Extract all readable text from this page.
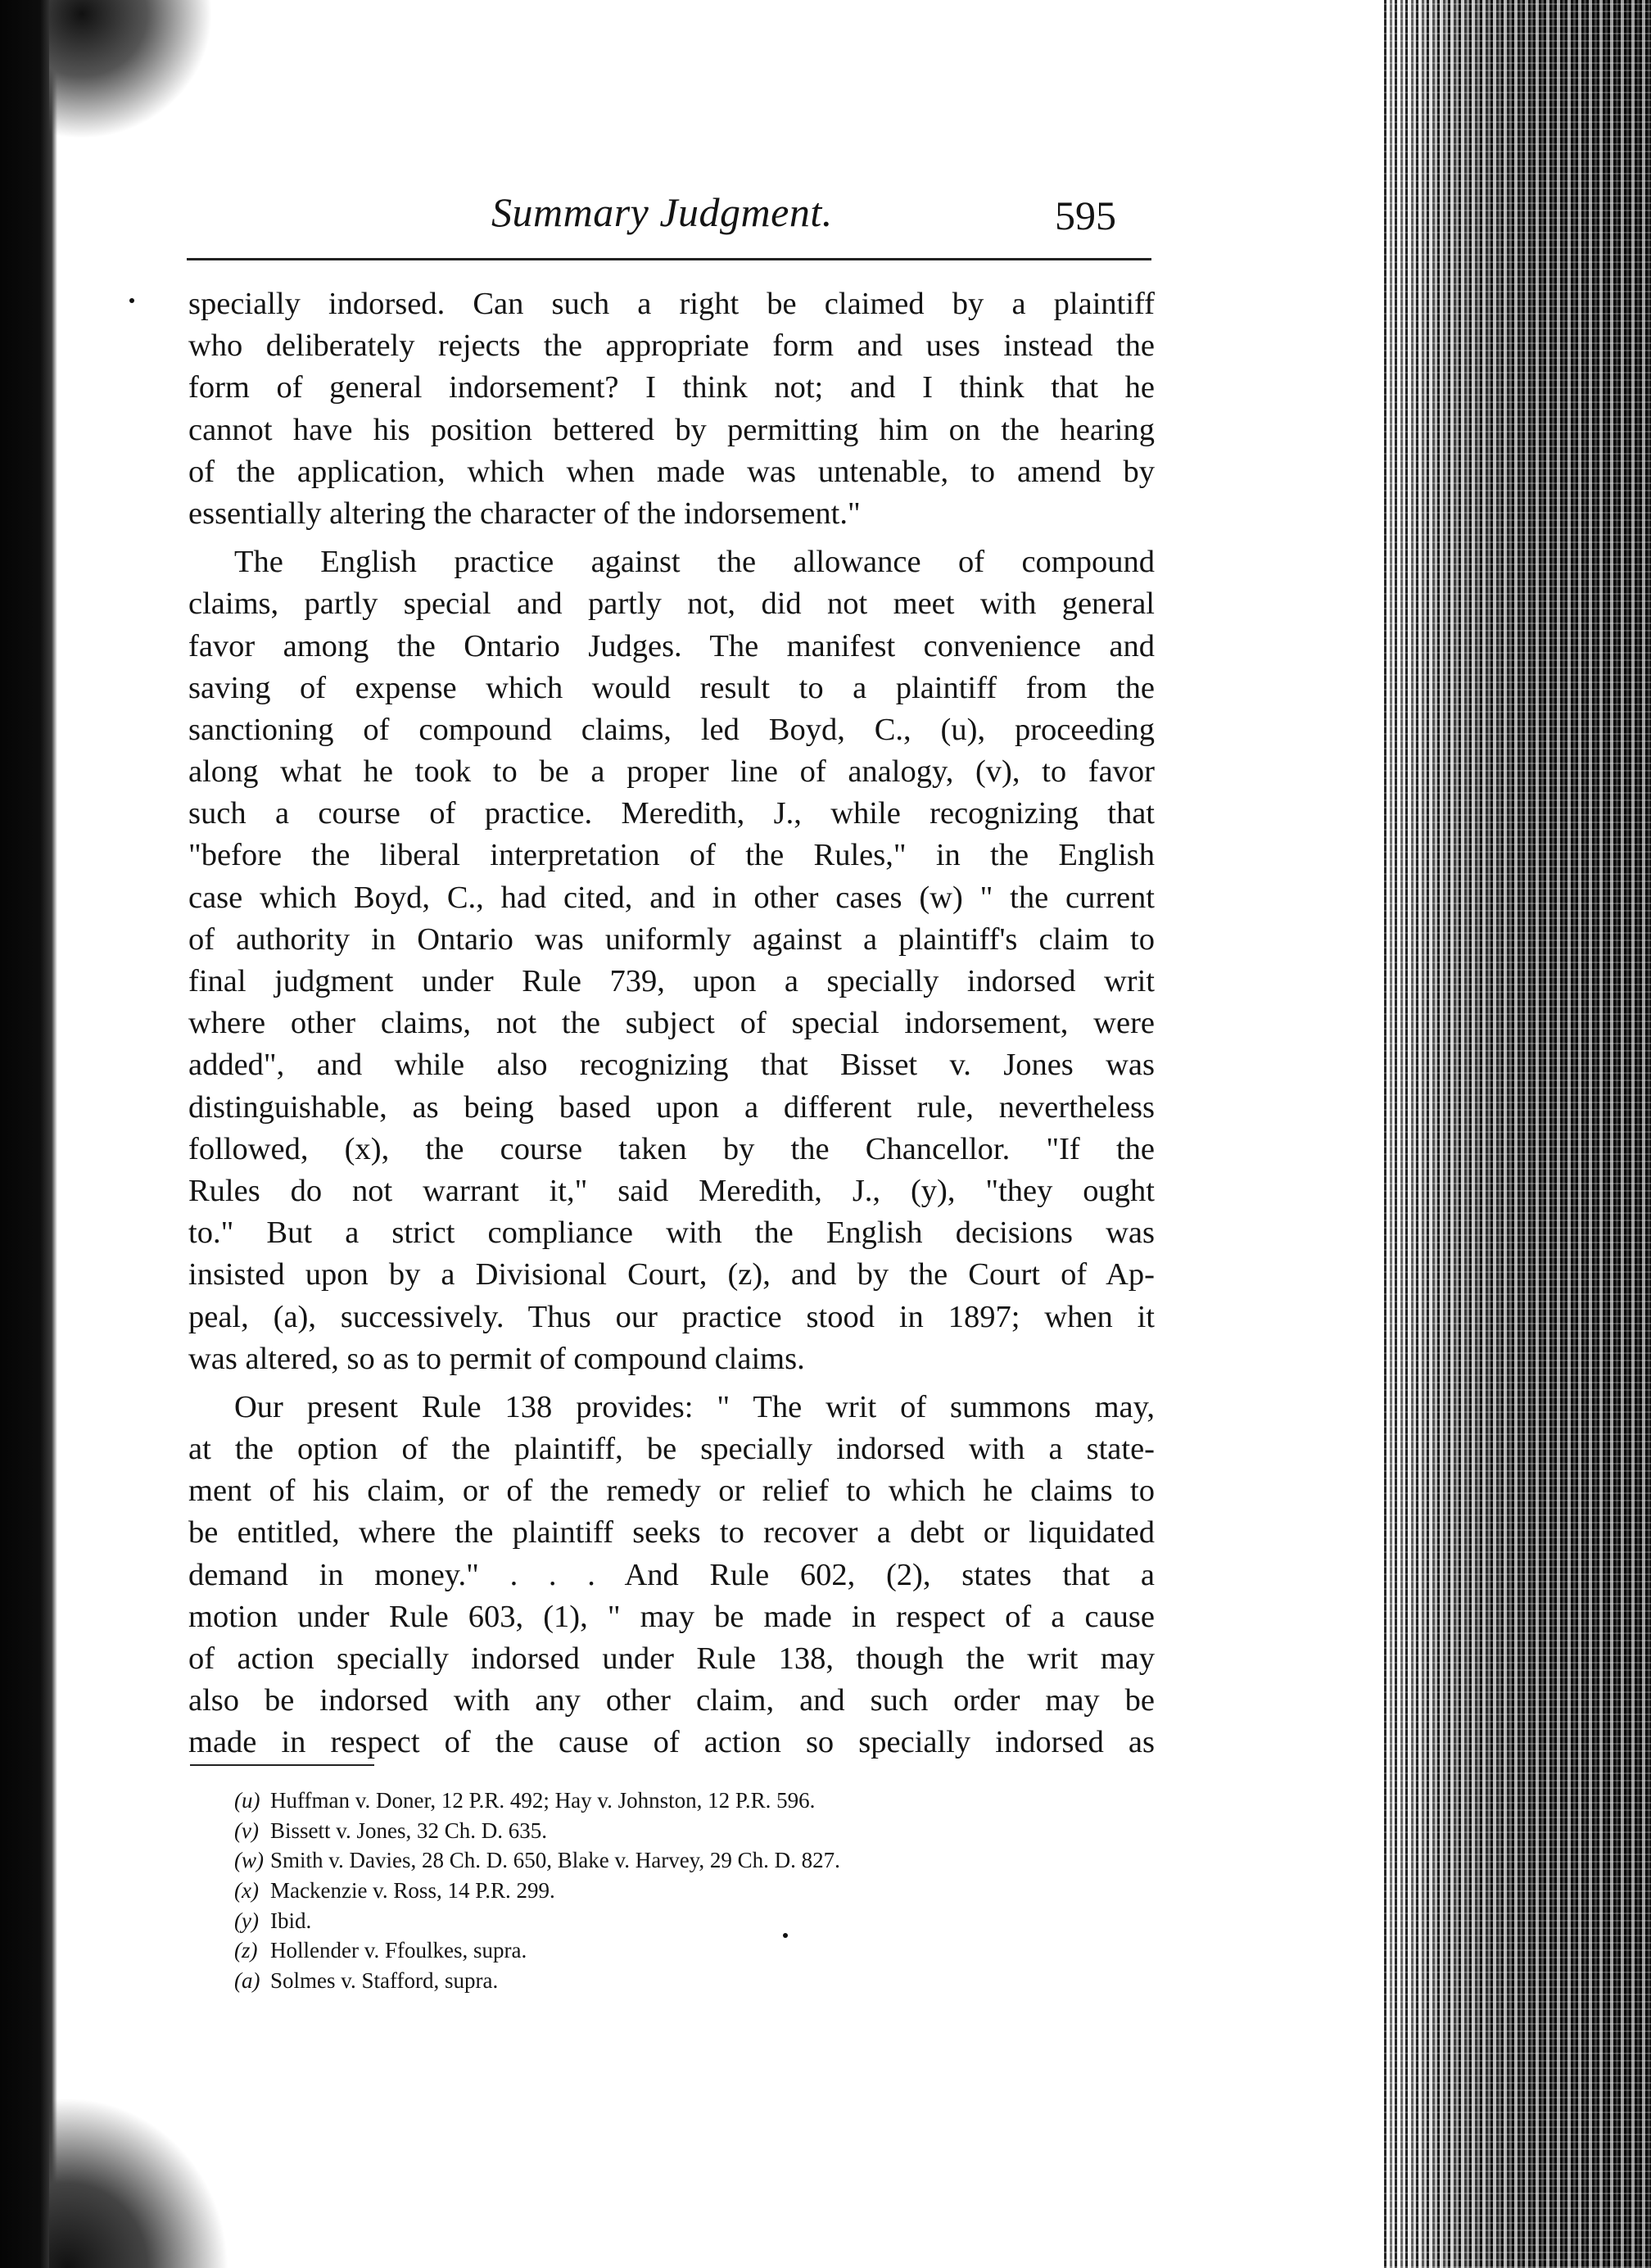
Summary Judgment.	595
specially indorsed. Can such a right be claimed by a plaintiff
who deliberately rejects the appropriate form and uses instead the
form of general indorsement? I think not; and I think that he
cannot have his position bettered by permitting him on the hearing
of the application, which when made was untenable, to amend by
essentially altering the character of the indorsement."
The English practice against the allowance of compound
claims, partly special and partly not, did not meet with general
favor among the Ontario Judges. The manifest convenience and
saving of expense which would result to a plaintiff from the
sanctioning of compound claims, led Boyd, C., (u), proceeding
along what he took to be a proper line of analogy, (v), to favor
such a course of practice. Meredith, J., while recognizing that
"before the liberal interpretation of the Rules," in the English
case which Boyd, C., had cited, and in other cases (w) " the current
of authority in Ontario was uniformly against a plaintiff's claim to
final judgment under Rule 739, upon a specially indorsed writ
where other claims, not the subject of special indorsement, were
added", and while also recognizing that Bisset v. Jones was
distinguishable, as being based upon a different rule, nevertheless
followed, (x), the course taken by the Chancellor. "If the
Rules do not warrant it," said Meredith, J., (y), "they ought
to." But a strict compliance with the English decisions was
insisted upon by a Divisional Court, (z), and by the Court of Ap-
peal, (a), successively. Thus our practice stood in 1897; when it
was altered, so as to permit of compound claims.
Our present Rule 138 provides: " The writ of summons may,
at the option of the plaintiff, be specially indorsed with a state-
ment of his claim, or of the remedy or relief to which he claims to
be entitled, where the plaintiff seeks to recover a debt or liquidated
demand in money." . . . And Rule 602, (2), states that a
motion under Rule 603, (1), " may be made in respect of a cause
of action specially indorsed under Rule 138, though the writ may
also be indorsed with any other claim, and such order may be
made in respect of the cause of action so specially indorsed as
(u) Huffman v. Doner, 12 P.R. 492; Hay v. Johnston, 12 P.R. 596.
(v) Bissett v. Jones, 32 Ch. D. 635.
(w) Smith v. Davies, 28 Ch. D. 650, Blake v. Harvey, 29 Ch. D. 827.
(x) Mackenzie v. Ross, 14 P.R. 299.
(y) Ibid.
(z) Hollender v. Ffoulkes, supra.
(a) Solmes v. Stafford, supra.
